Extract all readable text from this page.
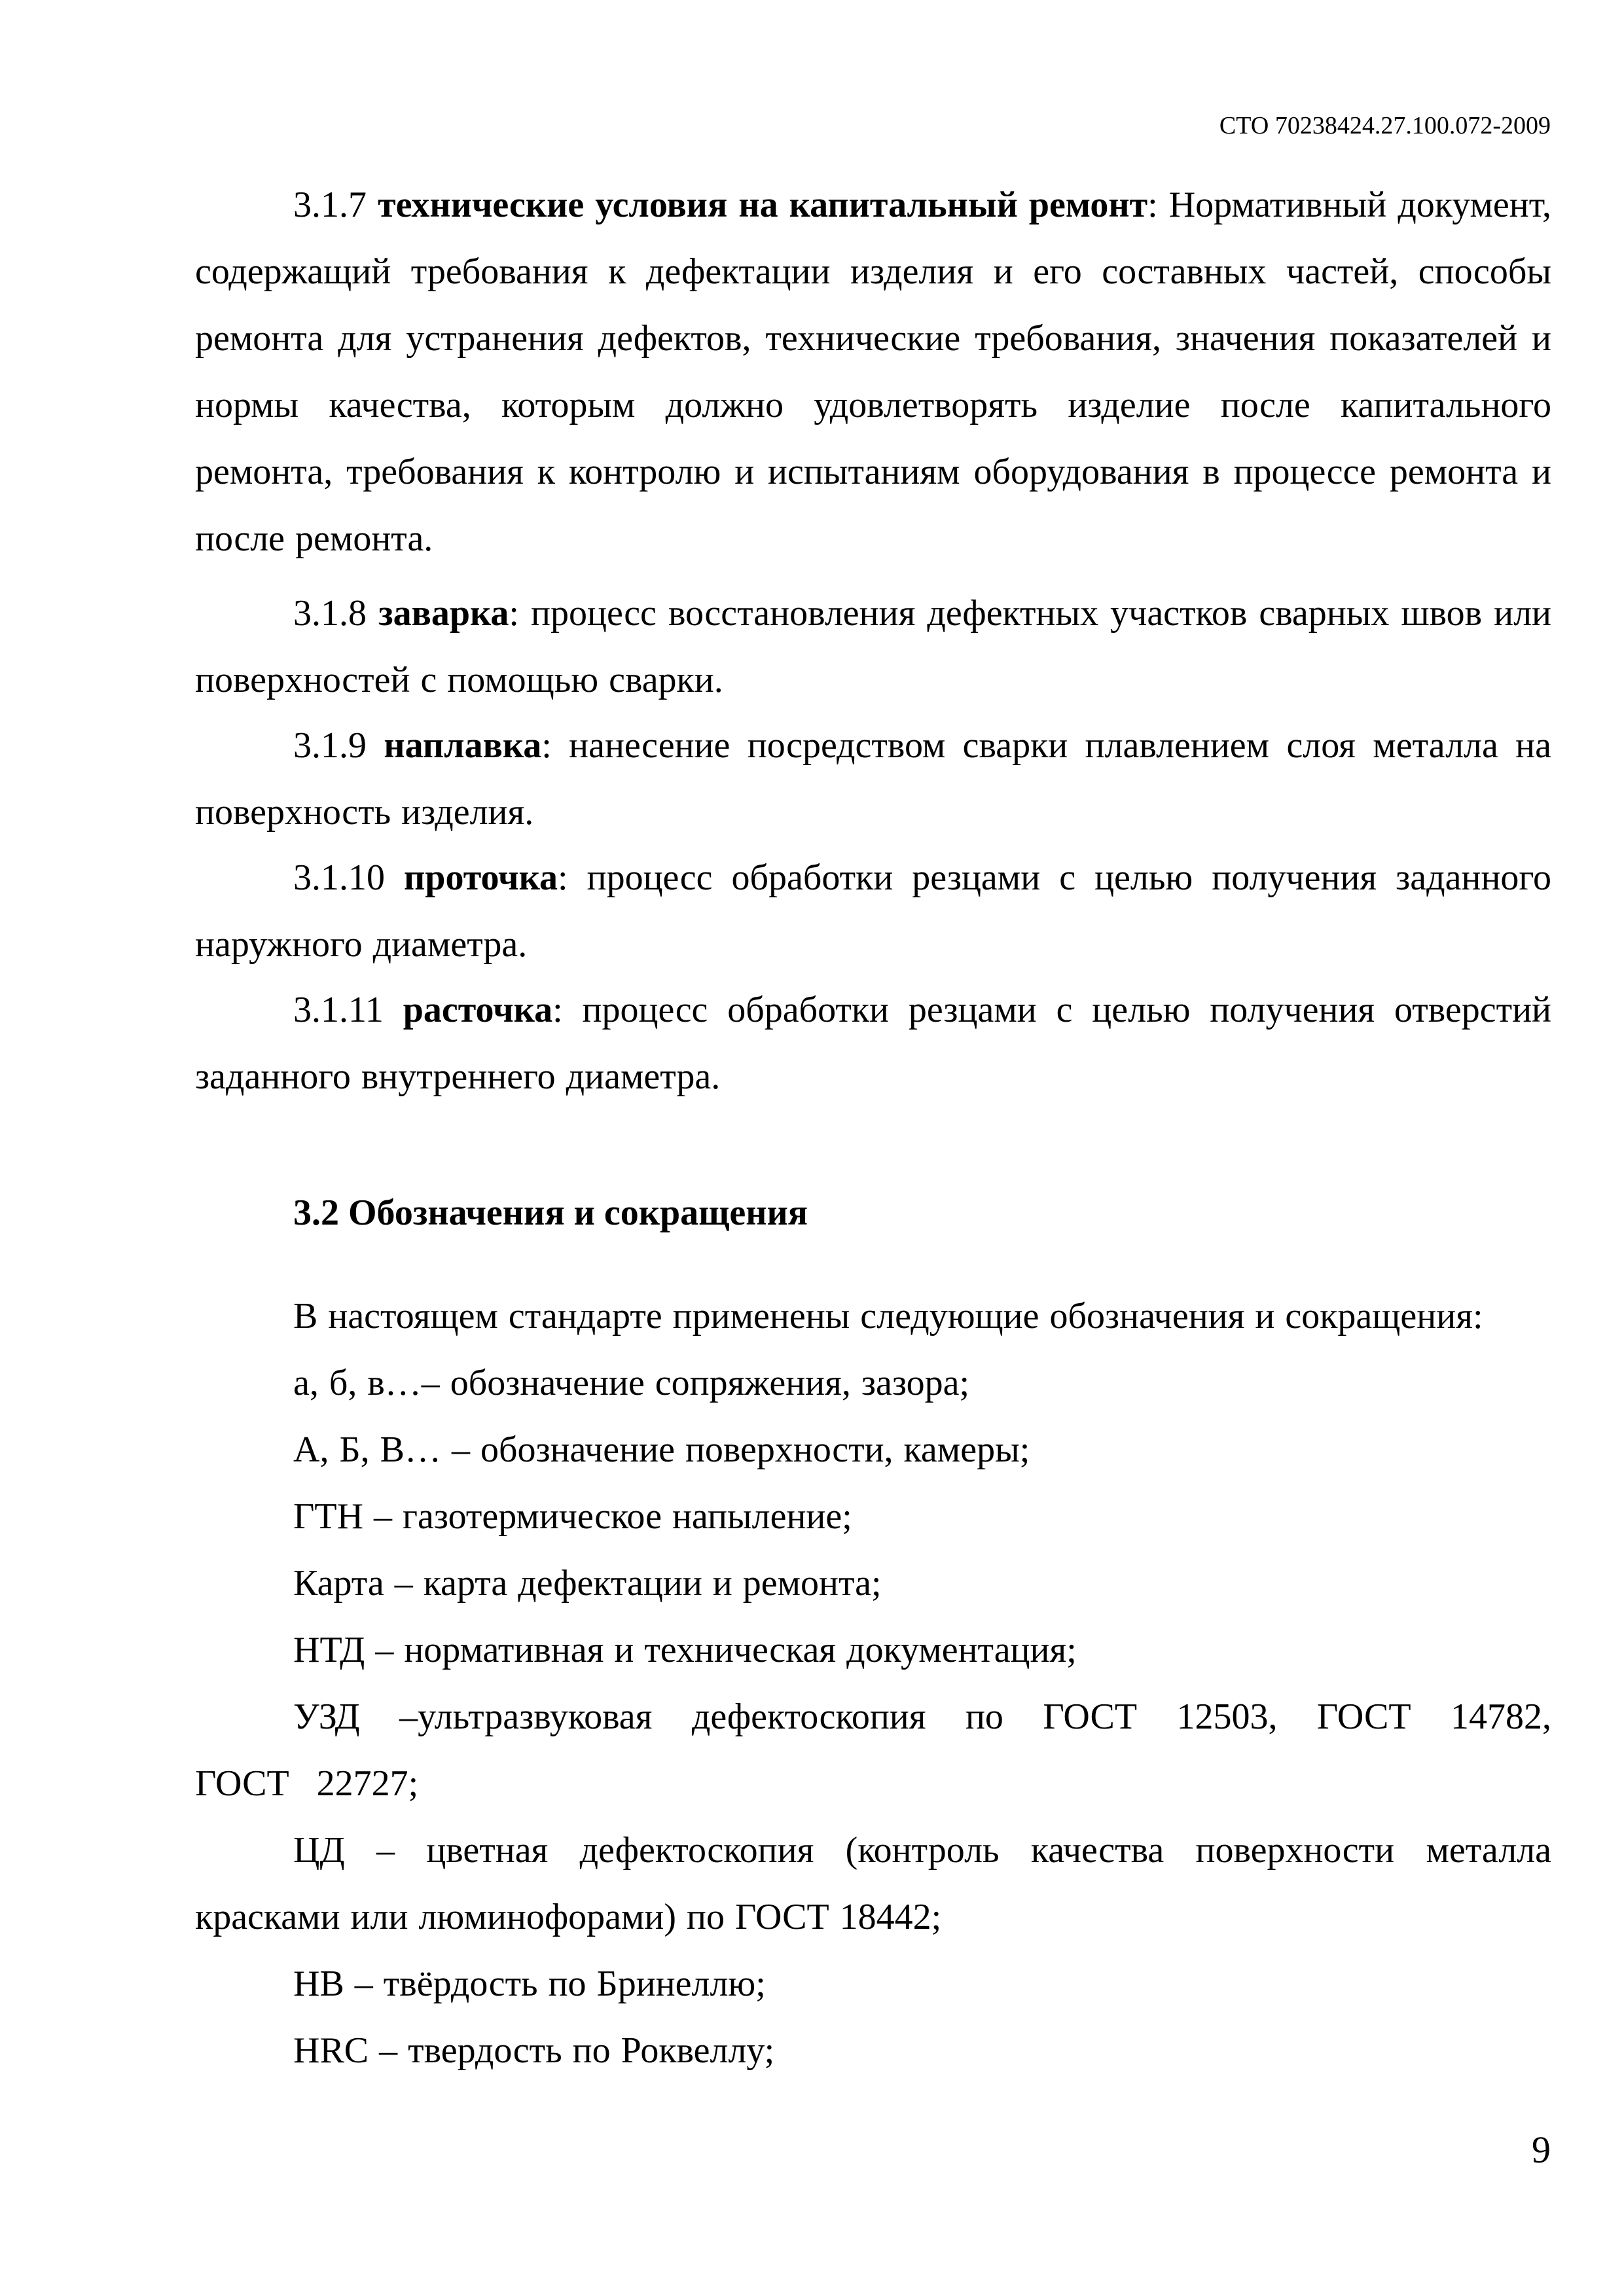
СТО 70238424.27.100.072-2009

3.1.7 технические условия на капитальный ремонт: Нормативный документ, содержащий требования к дефектации изделия и его составных частей, способы ремонта для устранения дефектов, технические требования, значения показателей и нормы качества, которым должно удовлетворять изделие после капитального ремонта, требования к контролю и испытаниям оборудования в процессе ремонта и после ремонта.

3.1.8 заварка: процесс восстановления дефектных участков сварных швов или поверхностей с помощью сварки.

3.1.9 наплавка: нанесение посредством сварки плавлением слоя металла на поверхность изделия.

3.1.10 проточка: процесс обработки резцами с целью получения заданного наружного диаметра.

3.1.11 расточка: процесс обработки резцами с целью получения отверстий заданного внутреннего диаметра.

3.2 Обозначения и сокращения

В настоящем стандарте применены следующие обозначения и сокращения:

а, б, в…– обозначение сопряжения, зазора;

А, Б, В… – обозначение поверхности, камеры;

ГТН – газотермическое напыление;

Карта – карта дефектации и ремонта;

НТД – нормативная и техническая документация;

УЗД –ультразвуковая дефектоскопия по ГОСТ 12503, ГОСТ 14782, ГОСТ 22727;

ЦД – цветная дефектоскопия (контроль качества поверхности металла красками или люминофорами) по ГОСТ 18442;

НВ – твёрдость по Бринеллю;

HRC – твердость по Роквеллу;

9
